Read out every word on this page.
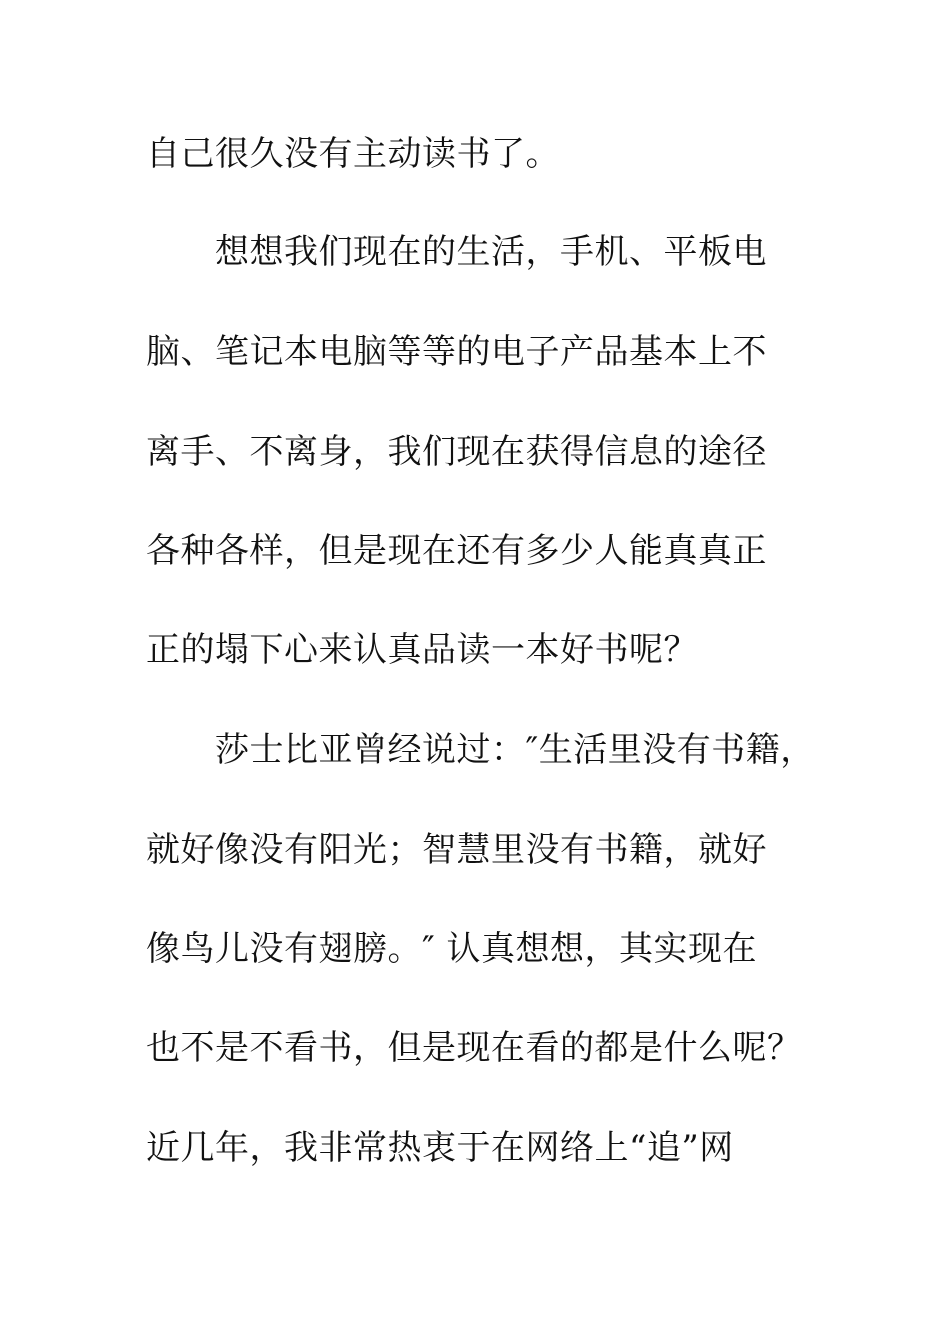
自己很久没有主动读书了。
想想我们现在的生活，手机、平板电
脑、笔记本电脑等等的电子产品基本上不
离手、不离身，我们现在获得信息的途径
各种各样，但是现在还有多少人能真真正
正的塌下心来认真品读一本好书呢？
莎士比亚曾经说过：″生活里没有书籍，
就好像没有阳光；智慧里没有书籍，就好
像鸟儿没有翅膀。″ 认真想想，其实现在
也不是不看书，但是现在看的都是什么呢？
近几年，我非常热衷于在网络上“追”网
